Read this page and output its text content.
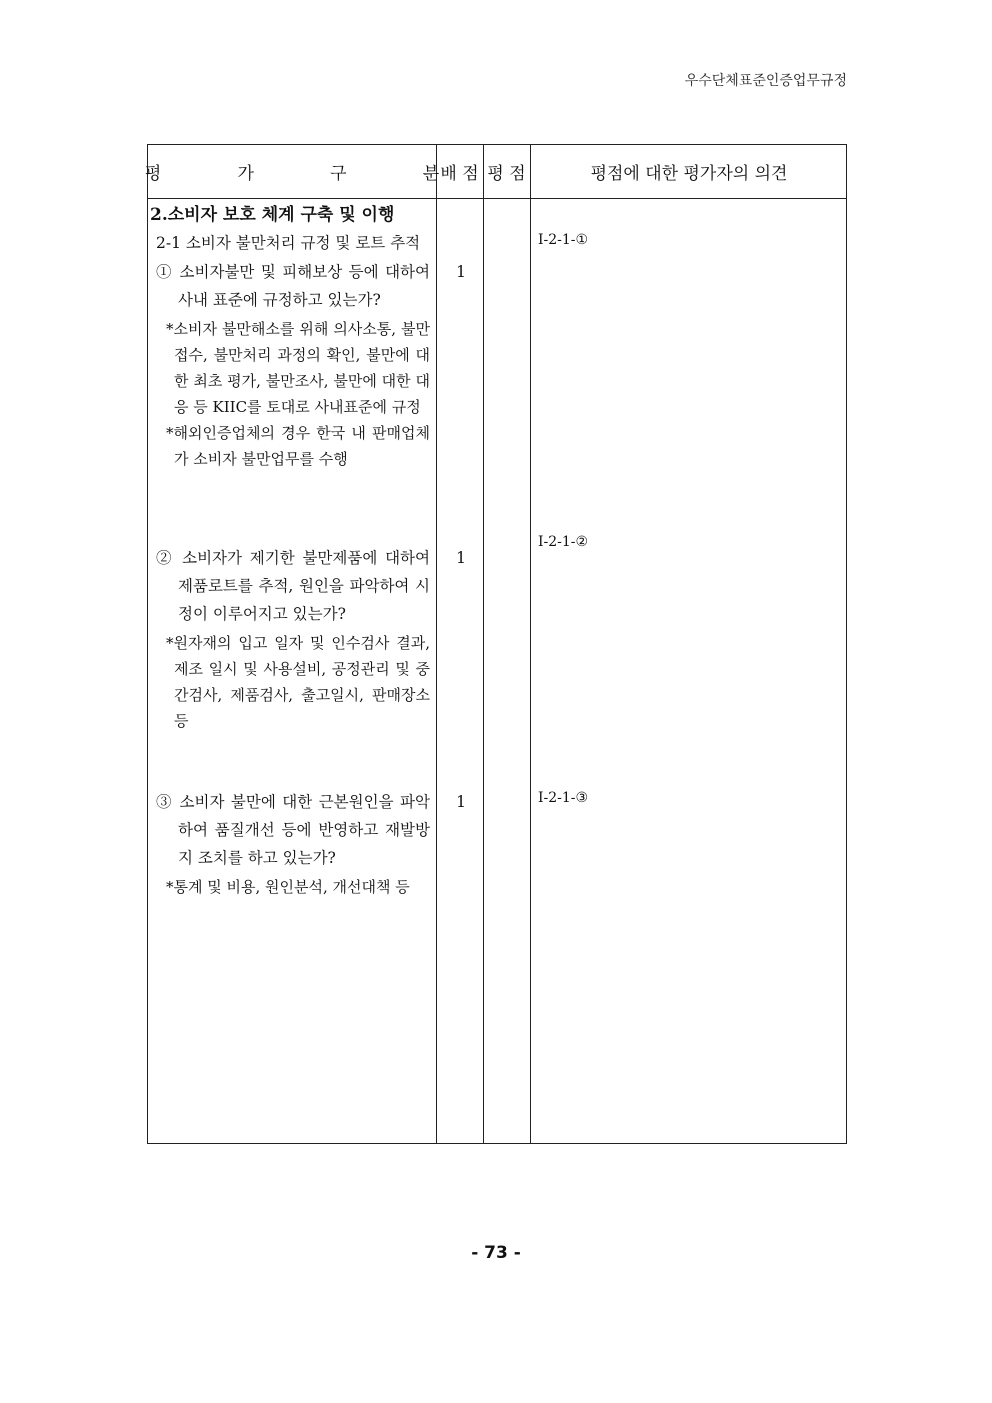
우수단체표준인증업무규정
평   가   구   분 배 점 평 점	평점에 대한 평가자의 의견
2.소비자 보호 체계 구축 및 이행
2-1 소비자 불만처리 규정 및 로트 추적
① 소비자불만 및 피해보상 등에 대하여 사내 표준에 규정하고 있는가?
*소비자 불만해소를 위해 의사소통, 불만접수, 불만처리 과정의 확인, 불만에 대한 최초 평가, 불만조사, 불만에 대한 대응 등 KIIC를 토대로 사내표준에 규정
*해외인증업체의 경우 한국 내 판매업체가 소비자 불만업무를 수행
1
Ⅰ-2-1-①
② 소비자가 제기한 불만제품에 대하여 제품로트를 추적, 원인을 파악하여 시정이 이루어지고 있는가?
*원자재의 입고 일자 및 인수검사 결과, 제조 일시 및 사용설비, 공정관리 및 중간검사, 제품검사, 출고일시, 판매장소 등
1
Ⅰ-2-1-②
③ 소비자 불만에 대한 근본원인을 파악하여 품질개선 등에 반영하고 재발방지 조치를 하고 있는가?
*통계 및 비용, 원인분석, 개선대책 등
1	Ⅰ-2-1-③
- 73 -
